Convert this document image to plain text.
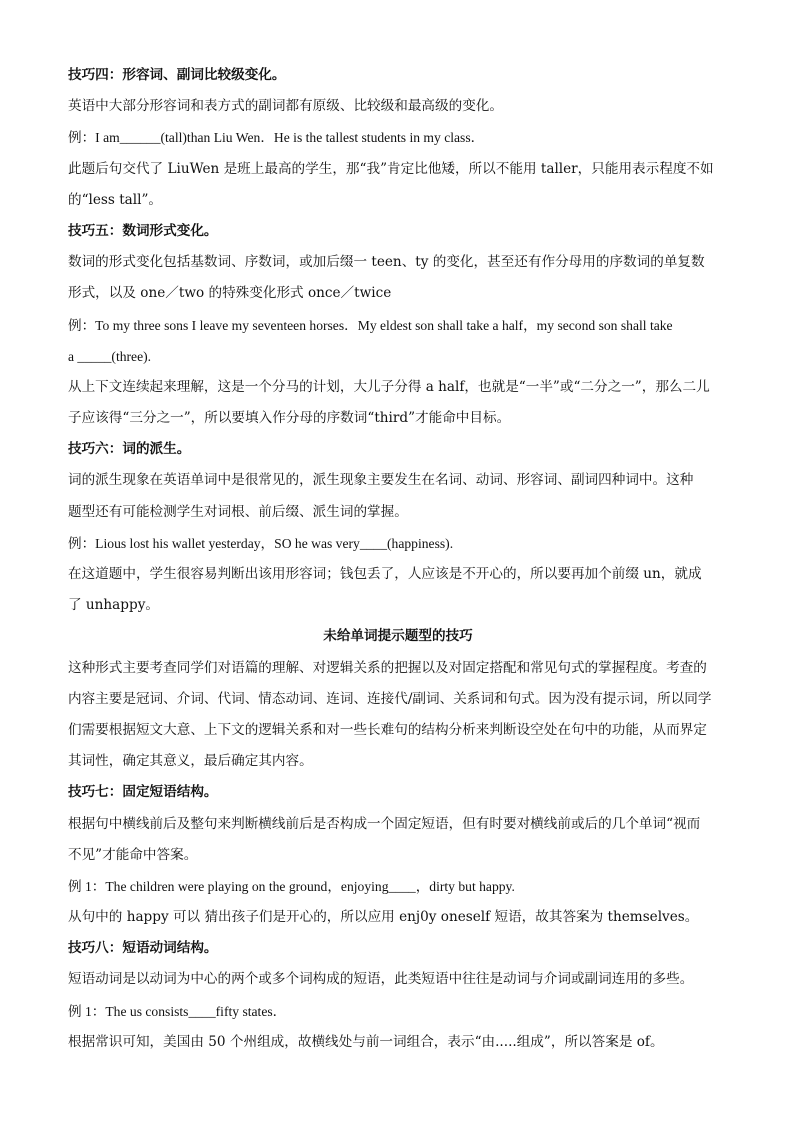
技巧四：形容词、副词比较级变化。
英语中大部分形容词和表方式的副词都有原级、比较级和最高级的变化。
例：I am______(tall)than Liu Wen．He is the tallest students in my class．
此题后句交代了 LiuWen 是班上最高的学生，那“我”肯定比他矮，所以不能用 taller，只能用表示程度不如
的“less tall”。
技巧五：数词形式变化。
数词的形式变化包括基数词、序数词，或加后缀一 teen、ty 的变化，甚至还有作分母用的序数词的单复数
形式，以及 one／two 的特殊变化形式 once／twice
例：To my three sons I leave my seventeen horses．My eldest son shall take a half，my second son shall take
a _____(three).
从上下文连续起来理解，这是一个分马的计划，大儿子分得 a half，也就是“一半”或“二分之一”，那么二儿
子应该得“三分之一”，所以要填入作分母的序数词“third”才能命中目标。
技巧六：词的派生。
词的派生现象在英语单词中是很常见的，派生现象主要发生在名词、动词、形容词、副词四种词中。这种
题型还有可能检测学生对词根、前后缀、派生词的掌握。
例：Lious lost his wallet yesterday，SO he was very____(happiness).
在这道题中，学生很容易判断出该用形容词；钱包丢了，人应该是不开心的，所以要再加个前缀 un，就成
了 unhappy。
未给单词提示题型的技巧
这种形式主要考查同学们对语篇的理解、对逻辑关系的把握以及对固定搭配和常见句式的掌握程度。考查的
内容主要是冠词、介词、代词、情态动词、连词、连接代/副词、关系词和句式。因为没有提示词，所以同学
们需要根据短文大意、上下文的逻辑关系和对一些长难句的结构分析来判断设空处在句中的功能，从而界定
其词性，确定其意义，最后确定其内容。
技巧七：固定短语结构。
根据句中横线前后及整句来判断横线前后是否构成一个固定短语，但有时要对横线前或后的几个单词“视而
不见”才能命中答案。
例 1：The children were playing on the ground，enjoying____，dirty but happy.
从句中的 happy 可以 猜出孩子们是开心的，所以应用 enj0y oneself 短语，故其答案为 themselves。
技巧八：短语动词结构。
短语动词是以动词为中心的两个或多个词构成的短语，此类短语中往往是动词与介词或副词连用的多些。
例 1：The us consists____fifty states．
根据常识可知，美国由 50 个州组成，故横线处与前一词组合，表示“由.....组成”，所以答案是 of。
